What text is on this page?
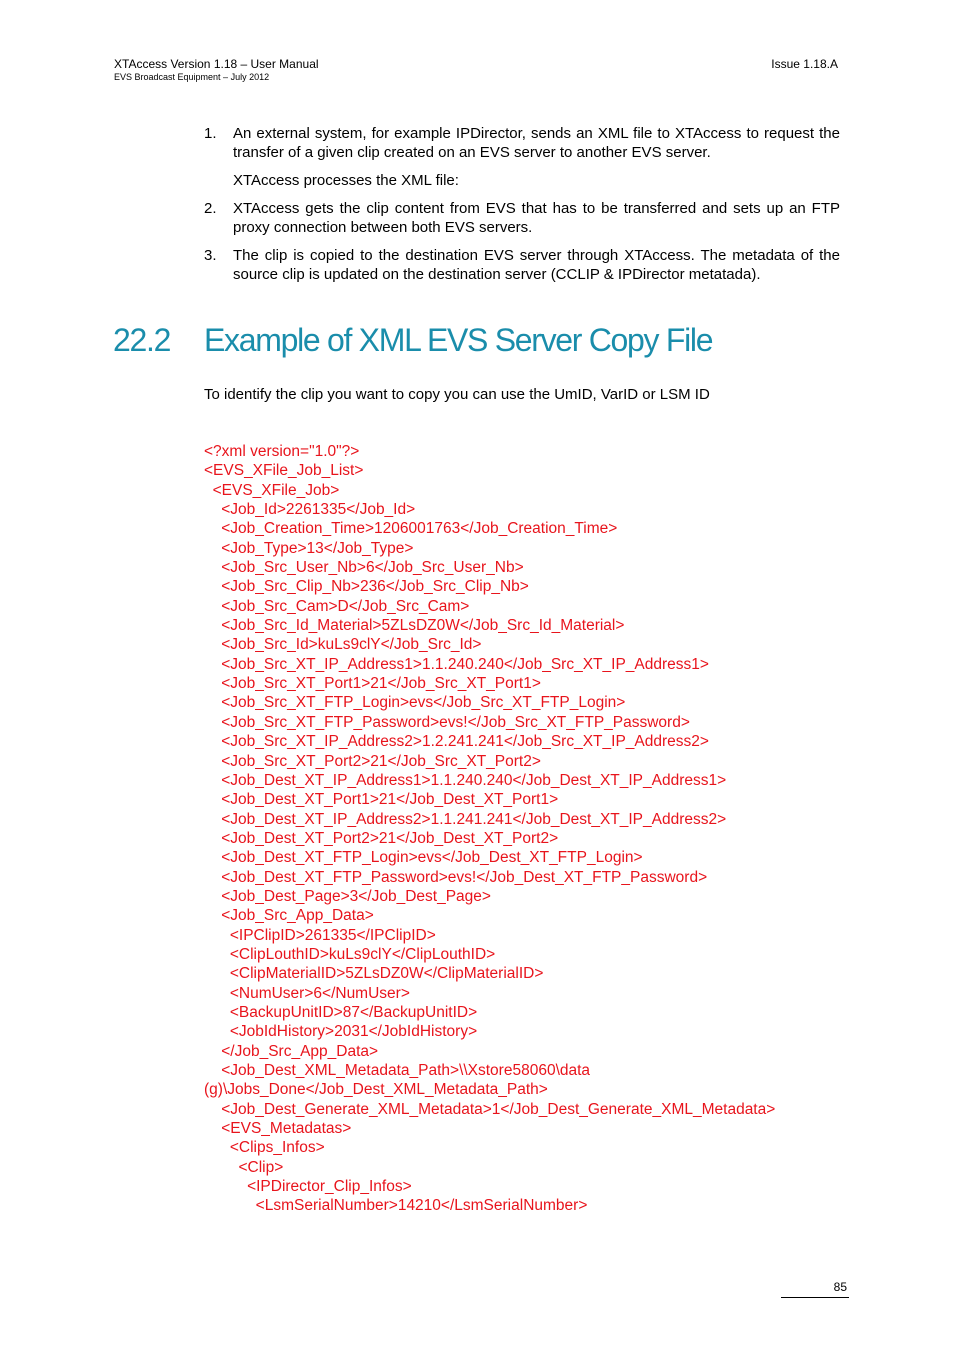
XTAccess Version 1.18 – User Manual
EVS Broadcast Equipment – July 2012
Issue 1.18.A
1.	An external system, for example IPDirector, sends an XML file to XTAccess to request the transfer of a given clip created on an EVS server to another EVS server.
XTAccess processes the XML file:
2.	XTAccess gets the clip content from EVS that has to be transferred and sets up an FTP proxy connection between both EVS servers.
3.	The clip is copied to the destination EVS server through XTAccess. The metadata of the source clip is updated on the destination server (CCLIP & IPDirector metatada).
22.2 Example of XML EVS Server Copy File
To identify the clip you want to copy you can use the UmID, VarID or LSM ID
<?xml version="1.0"?>
<EVS_XFile_Job_List>
<EVS_XFile_Job>
<Job_Id>2261335</Job_Id>
<Job_Creation_Time>1206001763</Job_Creation_Time>
<Job_Type>13</Job_Type>
<Job_Src_User_Nb>6</Job_Src_User_Nb>
<Job_Src_Clip_Nb>236</Job_Src_Clip_Nb>
<Job_Src_Cam>D</Job_Src_Cam>
<Job_Src_Id_Material>5ZLsDZ0W</Job_Src_Id_Material>
<Job_Src_Id>kuLs9clY</Job_Src_Id>
<Job_Src_XT_IP_Address1>1.1.240.240</Job_Src_XT_IP_Address1>
<Job_Src_XT_Port1>21</Job_Src_XT_Port1>
<Job_Src_XT_FTP_Login>evs</Job_Src_XT_FTP_Login>
<Job_Src_XT_FTP_Password>evs!</Job_Src_XT_FTP_Password>
<Job_Src_XT_IP_Address2>1.2.241.241</Job_Src_XT_IP_Address2>
<Job_Src_XT_Port2>21</Job_Src_XT_Port2>
<Job_Dest_XT_IP_Address1>1.1.240.240</Job_Dest_XT_IP_Address1>
<Job_Dest_XT_Port1>21</Job_Dest_XT_Port1>
<Job_Dest_XT_IP_Address2>1.1.241.241</Job_Dest_XT_IP_Address2>
<Job_Dest_XT_Port2>21</Job_Dest_XT_Port2>
<Job_Dest_XT_FTP_Login>evs</Job_Dest_XT_FTP_Login>
<Job_Dest_XT_FTP_Password>evs!</Job_Dest_XT_FTP_Password>
<Job_Dest_Page>3</Job_Dest_Page>
<Job_Src_App_Data>
<IPClipID>261335</IPClipID>
<ClipLouthID>kuLs9clY</ClipLouthID>
<ClipMaterialID>5ZLsDZ0W</ClipMaterialID>
<NumUser>6</NumUser>
<BackupUnitID>87</BackupUnitID>
<JobIdHistory>2031</JobIdHistory>
</Job_Src_App_Data>
<Job_Dest_XML_Metadata_Path>\\Xstore58060\data
(g)\Jobs_Done</Job_Dest_XML_Metadata_Path>
<Job_Dest_Generate_XML_Metadata>1</Job_Dest_Generate_XML_Metadata>
<EVS_Metadatas>
<Clips_Infos>
<Clip>
<IPDirector_Clip_Infos>
<LsmSerialNumber>14210</LsmSerialNumber>
85
